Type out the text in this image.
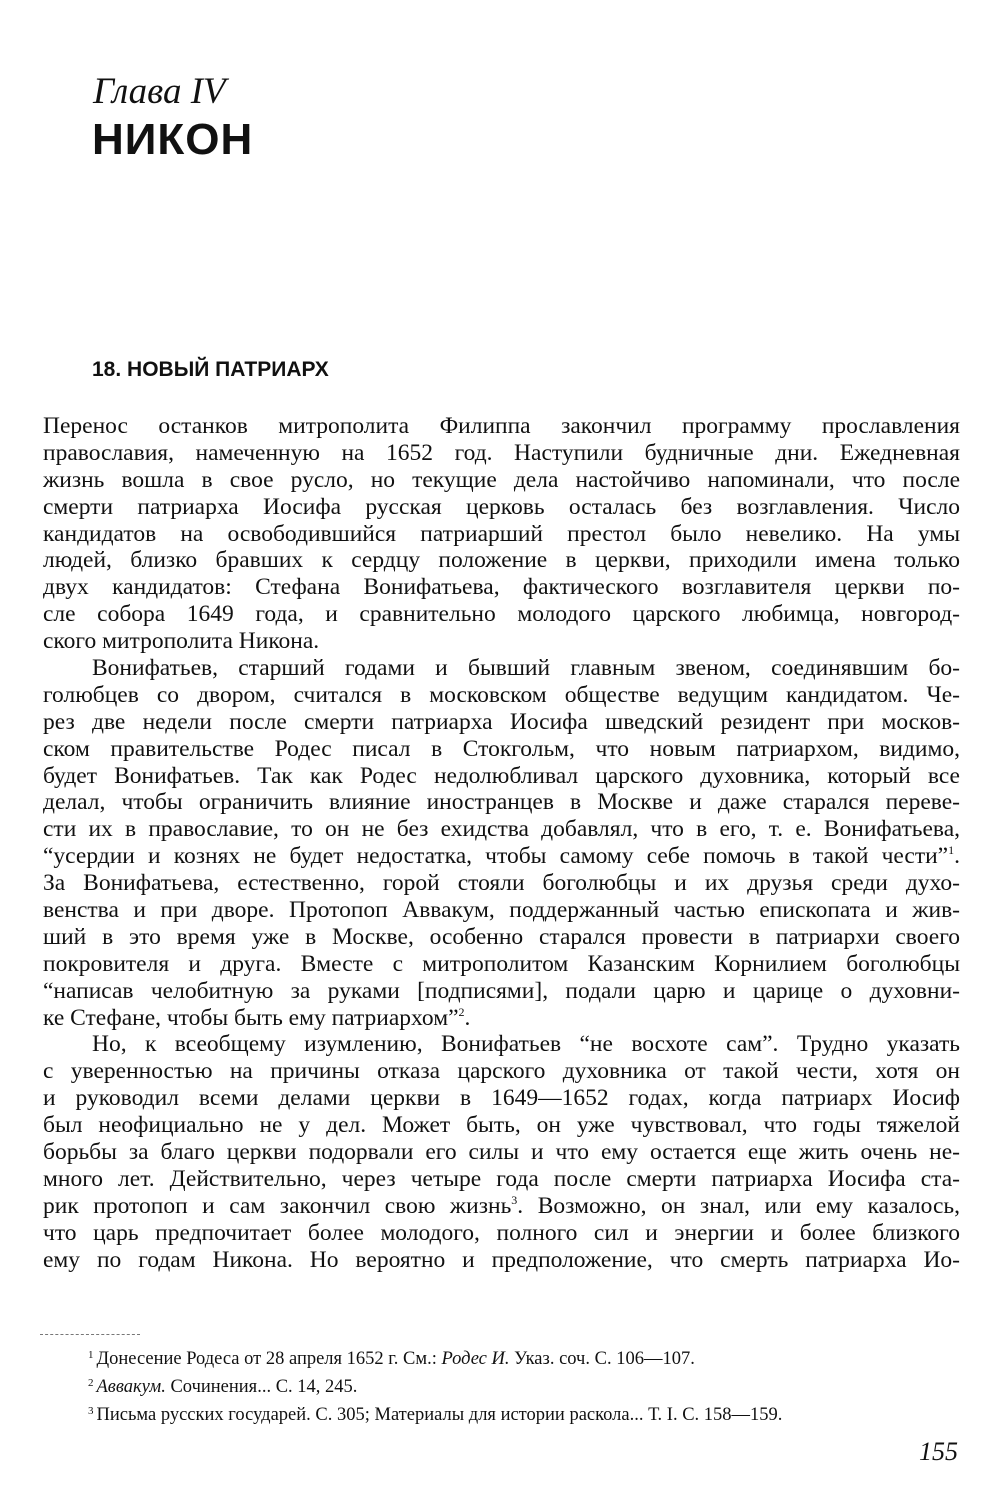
Глава IV
НИКОН
18. НОВЫЙ ПАТРИАРХ
Перенос останков митрополита Филиппа закончил программу прославления
православия, намеченную на 1652 год. Наступили будничные дни. Ежедневная
жизнь вошла в свое русло, но текущие дела настойчиво напоминали, что после
смерти патриарха Иосифа русская церковь осталась без возглавления. Число
кандидатов на освободившийся патриарший престол было невелико. На умы
людей, близко бравших к сердцу положение в церкви, приходили имена только
двух кандидатов: Стефана Вонифатьева, фактического возглавителя церкви по-
сле собора 1649 года, и сравнительно молодого царского любимца, новгород-
ского митрополита Никона.
Вонифатьев, старший годами и бывший главным звеном, соединявшим бо-
голюбцев со двором, считался в московском обществе ведущим кандидатом. Че-
рез две недели после смерти патриарха Иосифа шведский резидент при москов-
ском правительстве Родес писал в Стокгольм, что новым патриархом, видимо,
будет Вонифатьев. Так как Родес недолюбливал царского духовника, который все
делал, чтобы ограничить влияние иностранцев в Москве и даже старался переве-
сти их в православие, то он не без ехидства добавлял, что в его, т. е. Вонифатьева,
“усердии и кознях не будет недостатка, чтобы самому себе помочь в такой чести”$^1$.
За Вонифатьева, естественно, горой стояли боголюбцы и их друзья среди духо-
венства и при дворе. Протопоп Аввакум, поддержанный частью епископата и жив-
ший в это время уже в Москве, особенно старался провести в патриархи своего
покровителя и друга. Вместе с митрополитом Казанским Корнилием боголюбцы
“написав челобитную за руками [подписями], подали царю и царице о духовни-
ке Стефане, чтобы быть ему патриархом”$^2$.
Но, к всеобщему изумлению, Вонифатьев “не восхоте сам”. Трудно указать
с уверенностью на причины отказа царского духовника от такой чести, хотя он
и руководил всеми делами церкви в 1649—1652 годах, когда патриарх Иосиф
был неофициально не у дел. Может быть, он уже чувствовал, что годы тяжелой
борьбы за благо церкви подорвали его силы и что ему остается еще жить очень не-
много лет. Действительно, через четыре года после смерти патриарха Иосифа ста-
рик протопоп и сам закончил свою жизнь$^3$. Возможно, он знал, или ему казалось,
что царь предпочитает более молодого, полного сил и энергии и более близкого
ему по годам Никона. Но вероятно и предположение, что смерть патриарха Ио-
$^1$ Донесение Родеса от 28 апреля 1652 г. См.: Родес И. Указ. соч. С. 106—107.
$^2$ Аввакум. Сочинения... С. 14, 245.
$^3$ Письма русских государей. С. 305; Материалы для истории раскола... Т. I. С. 158—159.
155
